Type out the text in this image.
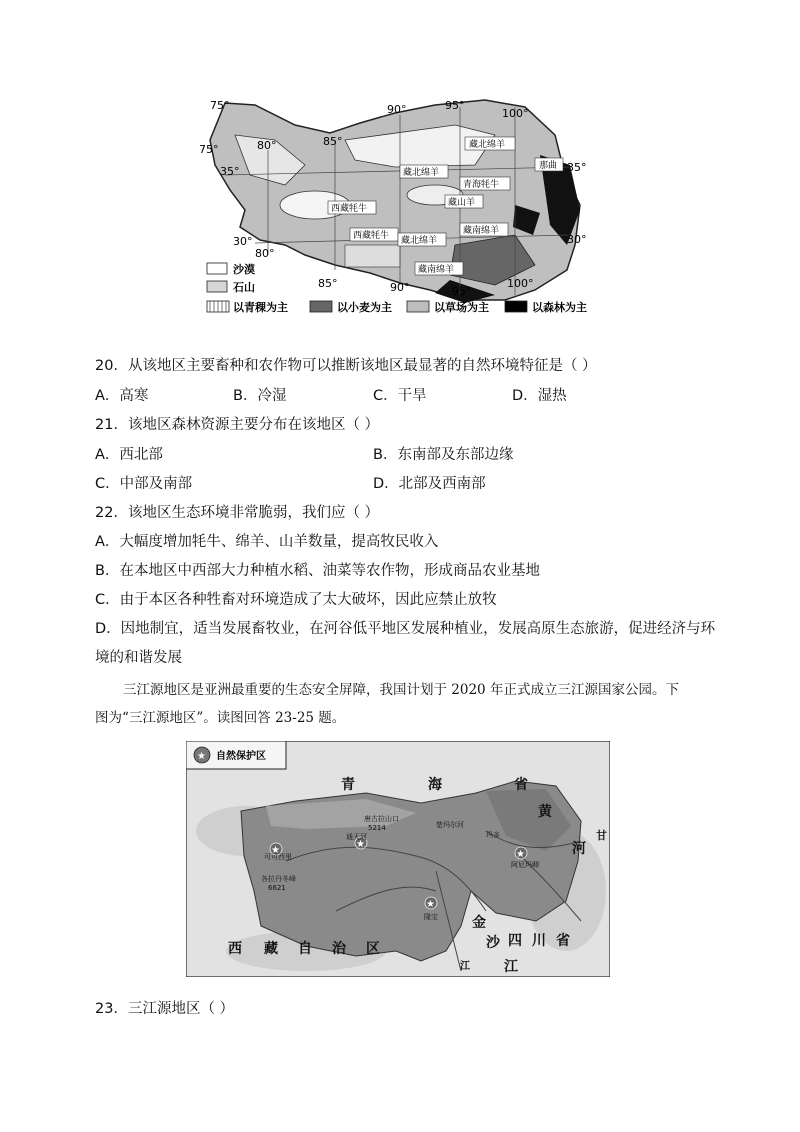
75°
75°	80°	85°
90°	95°
100°
80°
85°	90°	95°
100°
35°	35°
30°	30°
藏北绵羊
那曲
藏北绵羊
青海牦牛
西藏牦牛
藏山羊
西藏牦牛 藏北绵羊
藏南绵羊
藏南绵羊
沙漠
石山
以青稞为主	以小麦为主	以草场为主	以森林为主
20．从该地区主要畜种和农作物可以推断该地区最显著的自然环境特征是（ ）
A．高寒	B．冷湿	C．干旱	D．湿热
21．该地区森林资源主要分布在该地区（ ）
A．西北部	B．东南部及东部边缘
C．中部及南部	D．北部及西南部
22．该地区生态环境非常脆弱，我们应（ ）
A．大幅度增加牦牛、绵羊、山羊数量，提高牧民收入
B．在本地区中西部大力种植水稻、油菜等农作物，形成商品农业基地
C．由于本区各种牲畜对环境造成了太大破坏，因此应禁止放牧
D．因地制宜，适当发展畜牧业，在河谷低平地区发展种植业，发展高原生态旅游，促进经济与环
境的和谐发展
三江源地区是亚洲最重要的生态安全屏障，我国计划于 2020 年正式成立三江源国家公园。下
图为“三江源地区”。读图回答 23-25 题。
★ 自然保护区
★
★
★
★
青	海	省
黄
河
甘
西 藏 自 治 区
金
沙 四 川 省
江
江
唐古拉山口
5214	楚玛尔河
可可西里
通天河
各拉丹冬峰
6621
隆宝
玛多
阿尼玛卿
23．三江源地区（ ）
